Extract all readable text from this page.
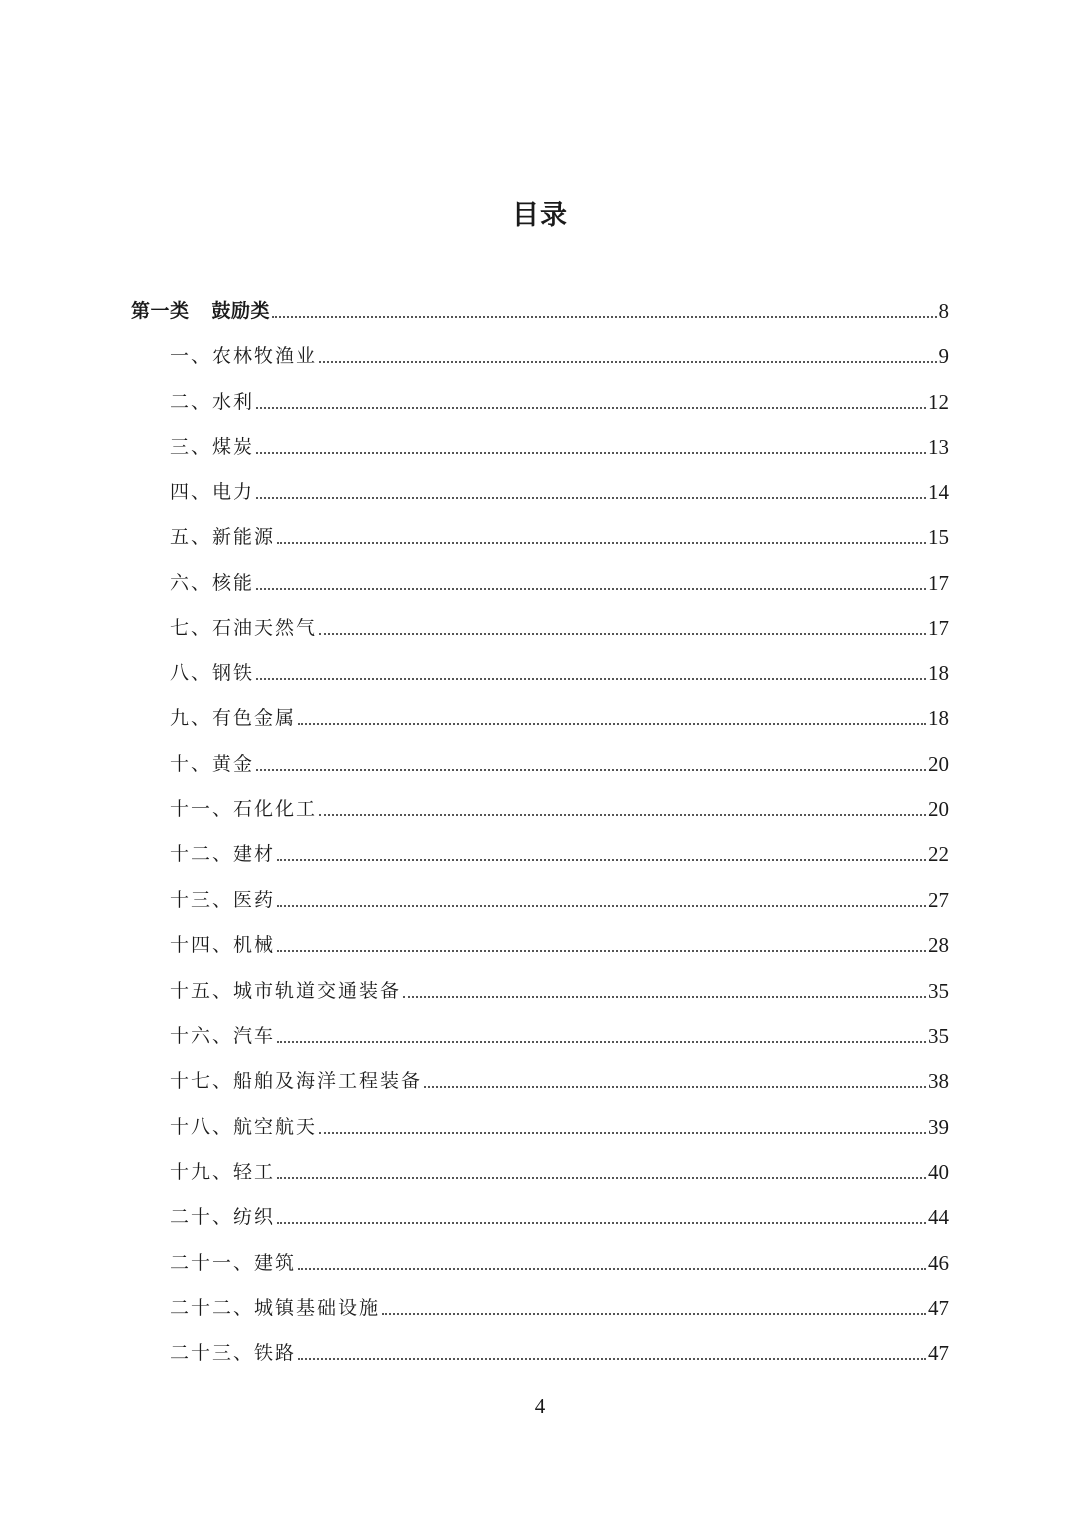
目录
第一类 鼓励类	8
一、农林牧渔业	9
二、水利	12
三、煤炭	13
四、电力	14
五、新能源	15
六、核能	17
七、石油天然气	17
八、钢铁	18
九、有色金属	18
十、黄金	20
十一、石化化工	20
十二、建材	22
十三、医药	27
十四、机械	28
十五、城市轨道交通装备	35
十六、汽车	35
十七、船舶及海洋工程装备	38
十八、航空航天	39
十九、轻工	40
二十、纺织	44
二十一、建筑	46
二十二、城镇基础设施	47
二十三、铁路	47
4
